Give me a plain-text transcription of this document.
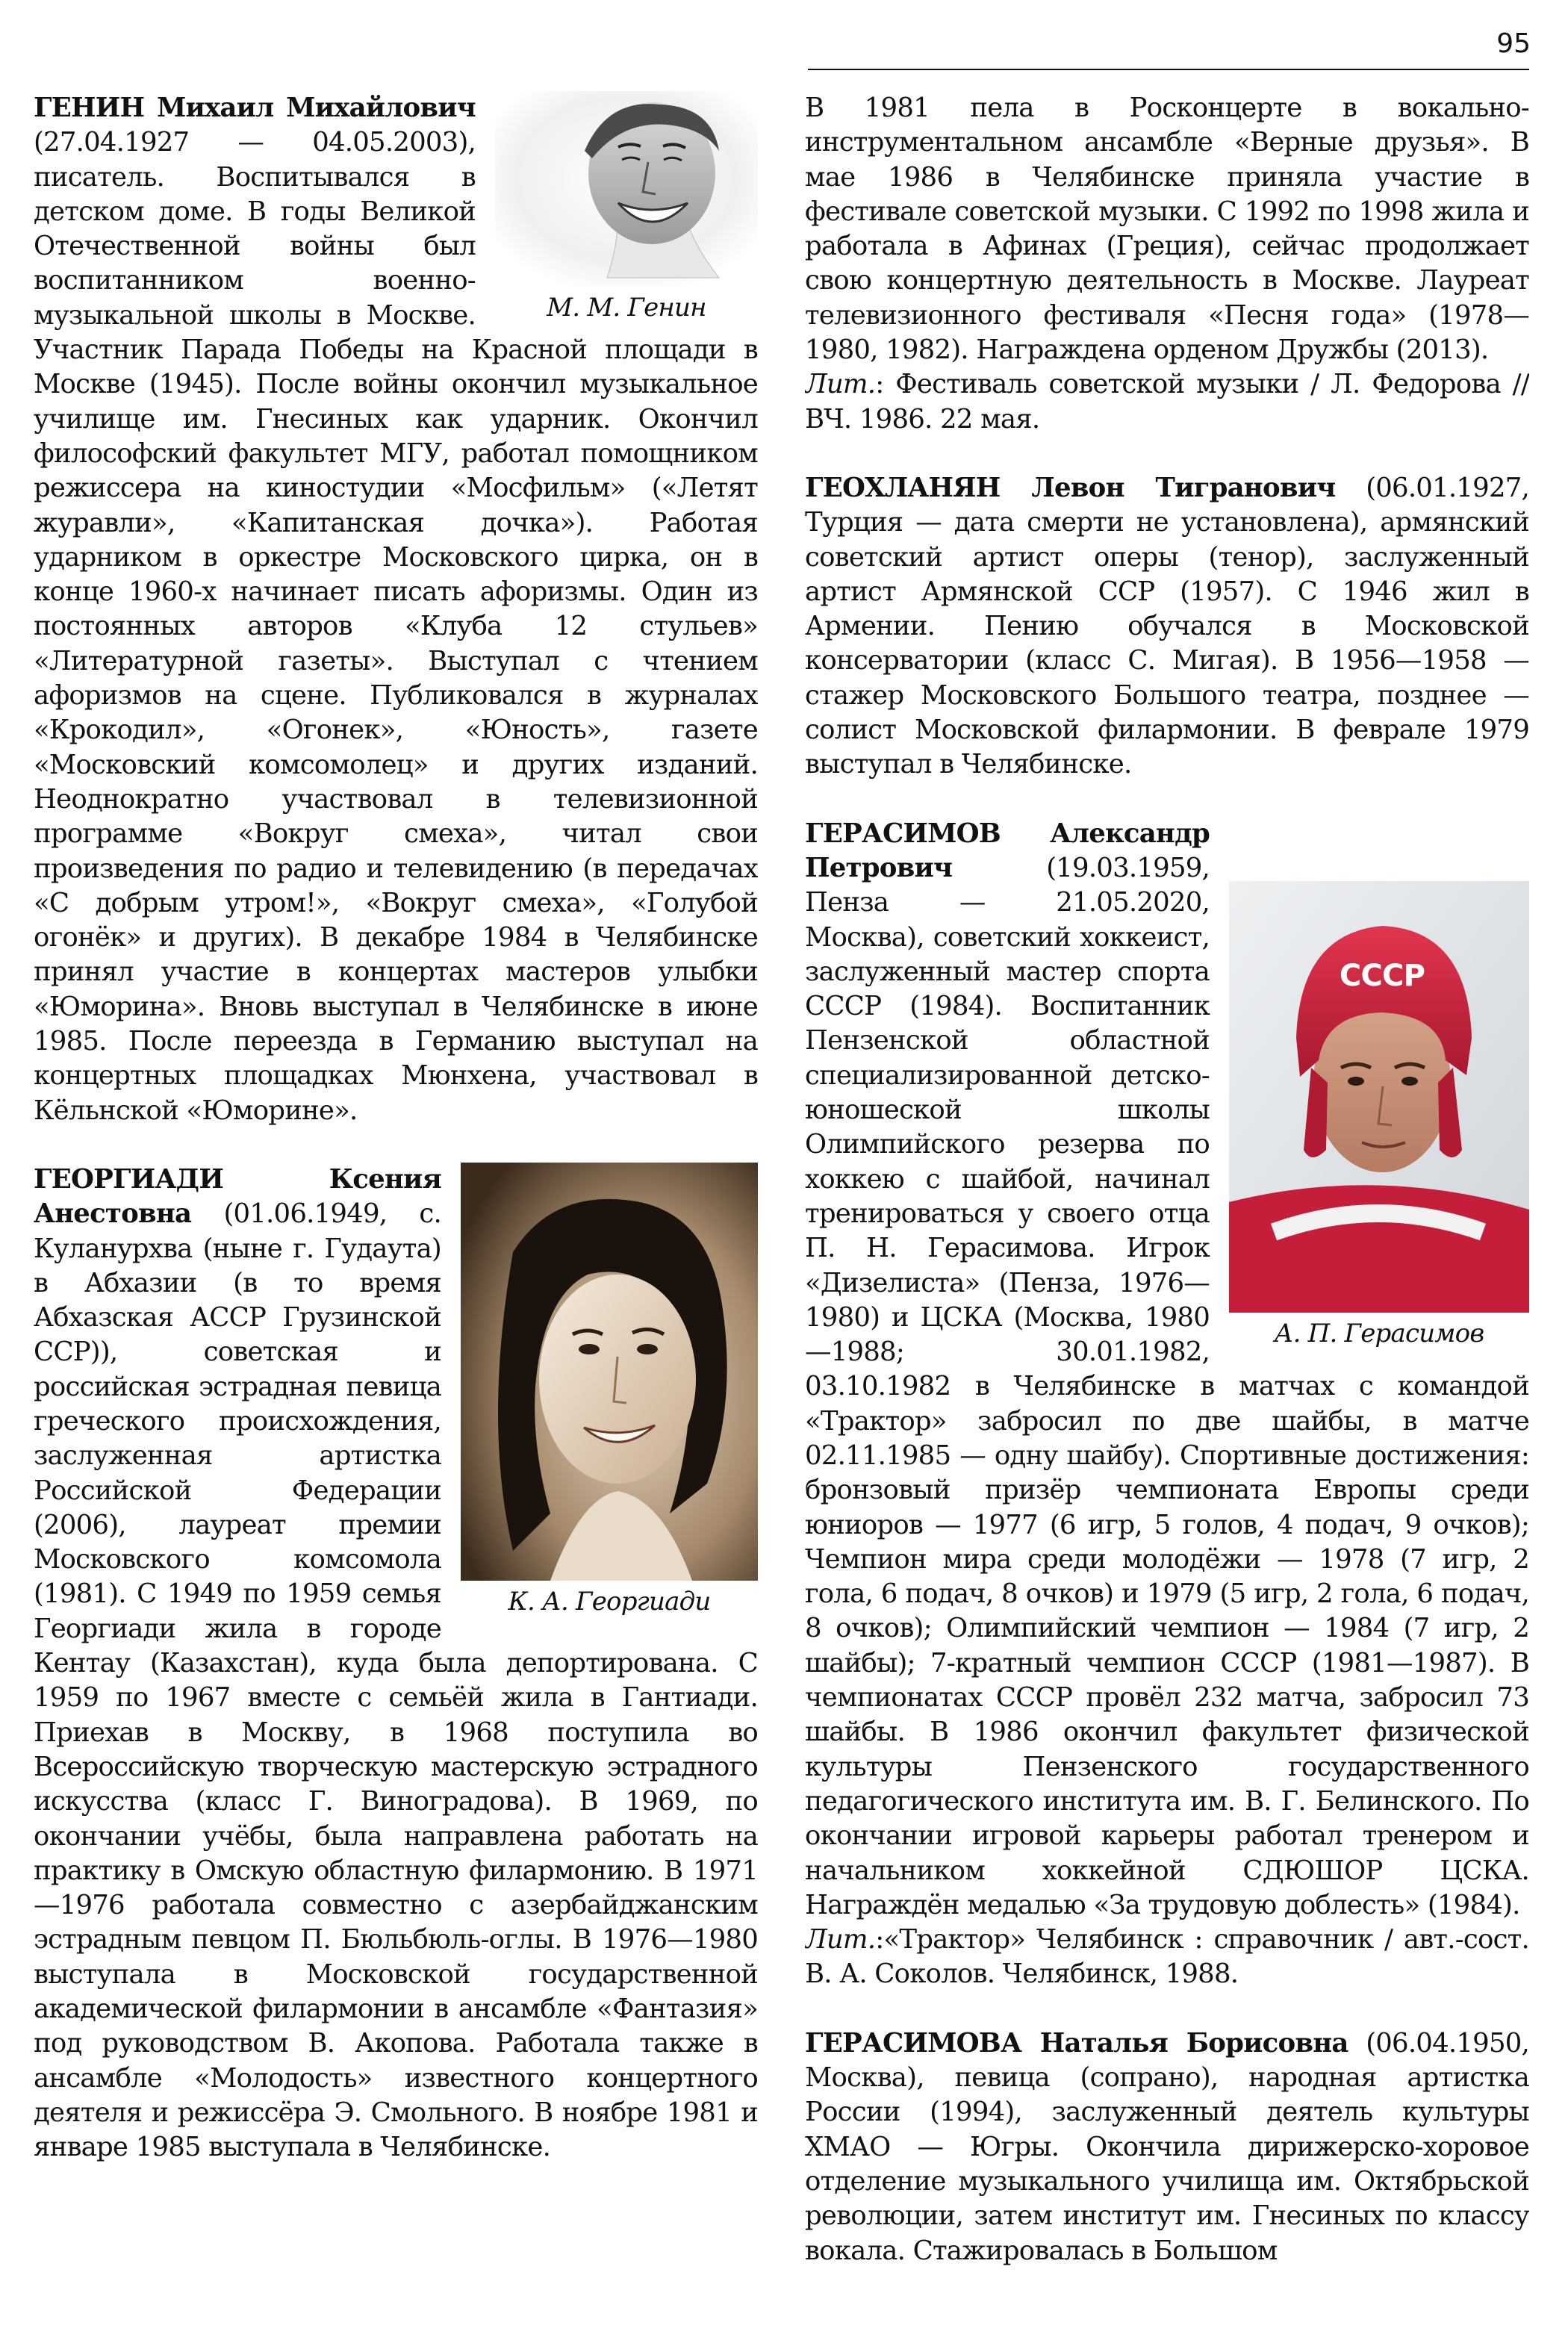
95
М. М. Генин
ГЕНИН Михаил Михайлович (27.04.1927 — 04.05.2003), писатель. Воспитывался в детском доме. В годы Великой Отечественной войны был воспитанником военно-музыкальной школы в Москве. Участник Парада Победы на Красной площади в Москве (1945). После войны окончил музыкальное училище им. Гнесиных как ударник. Окончил философский факультет МГУ, работал помощником режиссера на киностудии «Мосфильм» («Летят журавли», «Капитанская дочка»). Работая ударником в оркестре Московского цирка, он в конце 1960-х начинает писать афоризмы. Один из постоянных авторов «Клуба 12 стульев» «Литературной газеты». Выступал с чтением афоризмов на сцене. Публиковался в журналах «Крокодил», «Огонек», «Юность», газете «Московский комсомолец» и других изданий. Неоднократно участвовал в телевизионной программе «Вокруг смеха», читал свои произведения по радио и телевидению (в передачах «С добрым утром!», «Вокруг смеха», «Голубой огонёк» и других). В декабре 1984 в Челябинске принял участие в концертах мастеров улыбки «Юморина». Вновь выступал в Челябинске в июне 1985. После переезда в Германию выступал на концертных площадках Мюнхена, участвовал в Кёльнской «Юморине».
К. А. Георгиади
ГЕОРГИАДИ Ксения Анестовна (01.06.1949, с. Куланурхва (ныне г. Гудаута) в Абхазии (в то время Абхазская АССР Грузинской ССР)), советская и российская эстрадная певица греческого происхождения, заслуженная артистка Российской Федерации (2006), лауреат премии Московского комсомола (1981). С 1949 по 1959 семья Георгиади жила в городе Кентау (Казахстан), куда была депортирована. С 1959 по 1967 вместе с семьёй жила в Гантиади. Приехав в Москву, в 1968 поступила во Всероссийскую творческую мастерскую эстрадного искусства (класс Г. Виноградова). В 1969, по окончании учёбы, была направлена работать на практику в Омскую областную филармонию. В 1971—1976 работала совместно с азербайджанским эстрадным певцом П. Бюльбюль-оглы. В 1976—1980 выступала в Московской государственной академической филармонии в ансамбле «Фантазия» под руководством В. Акопова. Работала также в ансамбле «Молодость» известного концертного деятеля и режиссёра Э. Смольного. В ноябре 1981 и январе 1985 выступала в Челябинске.
В 1981 пела в Росконцерте в вокально-инструментальном ансамбле «Верные друзья». В мае 1986 в Челябинске приняла участие в фестивале советской музыки. С 1992 по 1998 жила и работала в Афинах (Греция), сейчас продолжает свою концертную деятельность в Москве. Лауреат телевизионного фестиваля «Песня года» (1978—1980, 1982). Награждена орденом Дружбы (2013).
Лит.: Фестиваль советской музыки / Л. Федорова // ВЧ. 1986. 22 мая.
ГЕОХЛАНЯН Левон Тигранович (06.01.1927, Турция — дата смерти не установлена), армянский советский артист оперы (тенор), заслуженный артист Армянской ССР (1957). С 1946 жил в Армении. Пению обучался в Московской консерватории (класс С. Мигая). В 1956—1958 — стажер Московского Большого театра, позднее — солист Московской филармонии. В феврале 1979 выступал в Челябинске.
СССР
А. П. Герасимов
ГЕРАСИМОВ Александр Петрович (19.03.1959, Пенза — 21.05.2020, Москва), советский хоккеист, заслуженный мастер спорта СССР (1984). Воспитанник Пензенской областной специализированной детско-юношеской школы Олимпийского резерва по хоккею с шайбой, начинал тренироваться у своего отца П. Н. Герасимова. Игрок «Дизелиста» (Пенза, 1976—1980) и ЦСКА (Москва, 1980—1988; 30.01.1982, 03.10.1982 в Челябинске в матчах с командой «Трактор» забросил по две шайбы, в матче 02.11.1985 — одну шайбу). Спортивные достижения: бронзовый призёр чемпионата Европы среди юниоров — 1977 (6 игр, 5 голов, 4 подач, 9 очков); Чемпион мира среди молодёжи — 1978 (7 игр, 2 гола, 6 подач, 8 очков) и 1979 (5 игр, 2 гола, 6 подач, 8 очков); Олимпийский чемпион — 1984 (7 игр, 2 шайбы); 7-кратный чемпион СССР (1981—1987). В чемпионатах СССР провёл 232 матча, забросил 73 шайбы. В 1986 окончил факультет физической культуры Пензенского государственного педагогического института им. В. Г. Белинского. По окончании игровой карьеры работал тренером и начальником хоккейной СДЮШОР ЦСКА. Награждён медалью «За трудовую доблесть» (1984).
Лит.:«Трактор» Челябинск : справочник / авт.-сост. В. А. Соколов. Челябинск, 1988.
ГЕРАСИМОВА Наталья Борисовна (06.04.1950, Москва), певица (сопрано), народная артистка России (1994), заслуженный деятель культуры ХМАО — Югры. Окончила дирижерско-хоровое отделение музыкального училища им. Октябрьской революции, затем институт им. Гнесиных по классу вокала. Стажировалась в Большом
